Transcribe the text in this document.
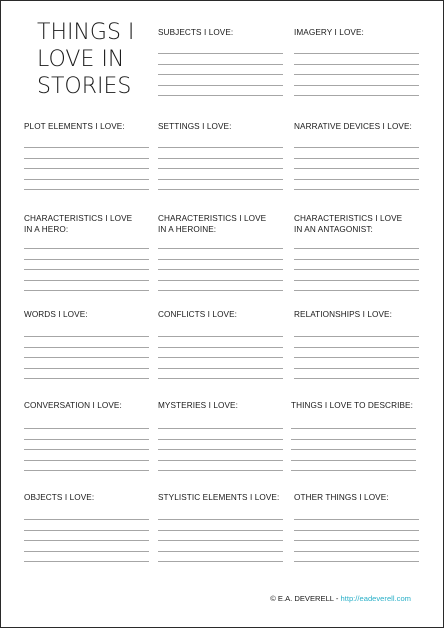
THINGS I
LOVE IN
STORIES
SUBJECTS I LOVE:	IMAGERY I LOVE:
PLOT ELEMENTS I LOVE:	SETTINGS I LOVE:	NARRATIVE DEVICES I LOVE:
CHARACTERISTICS I LOVE
IN A HERO:
CHARACTERISTICS I LOVE
IN A HEROINE:
CHARACTERISTICS I LOVE
IN AN ANTAGONIST:
WORDS I LOVE:	CONFLICTS I LOVE:	RELATIONSHIPS I LOVE:
CONVERSATION I LOVE:	MYSTERIES I LOVE:	THINGS I LOVE TO DESCRIBE:
OBJECTS I LOVE:	STYLISTIC ELEMENTS I LOVE: OTHER THINGS I LOVE:
© E.A. DEVERELL - http://eadeverell.com
